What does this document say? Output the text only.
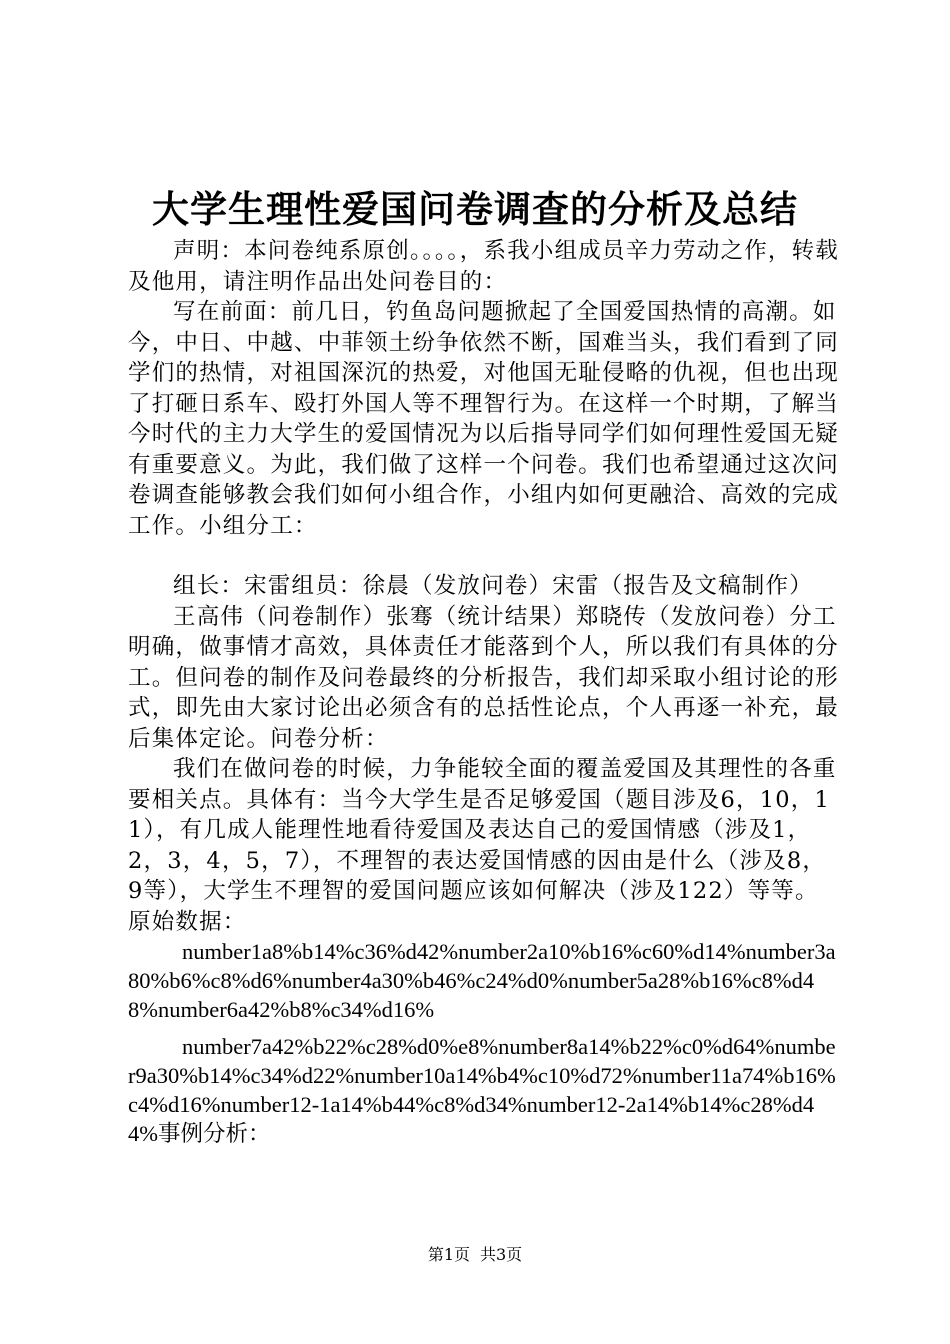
大学生理性爱国问卷调查的分析及总结

声明：本问卷纯系原创。。。。，系我小组成员辛力劳动之作，转载及他用，请注明作品出处问卷目的：

写在前面：前几日，钓鱼岛问题掀起了全国爱国热情的高潮。如今，中日、中越、中菲领土纷争依然不断，国难当头，我们看到了同学们的热情，对祖国深沉的热爱，对他国无耻侵略的仇视，但也出现了打砸日系车、殴打外国人等不理智行为。在这样一个时期，了解当今时代的主力大学生的爱国情况为以后指导同学们如何理性爱国无疑有重要意义。为此，我们做了这样一个问卷。我们也希望通过这次问卷调查能够教会我们如何小组合作，小组内如何更融洽、高效的完成工作。小组分工：

组长：宋雷组员：徐晨（发放问卷）宋雷（报告及文稿制作）

王高伟（问卷制作）张骞（统计结果）郑晓传（发放问卷）分工明确，做事情才高效，具体责任才能落到个人，所以我们有具体的分工。但问卷的制作及问卷最终的分析报告，我们却采取小组讨论的形式，即先由大家讨论出必须含有的总括性论点，个人再逐一补充，最后集体定论。问卷分析：

我们在做问卷的时候，力争能较全面的覆盖爱国及其理性的各重要相关点。具体有：当今大学生是否足够爱国（题目涉及6，10，11），有几成人能理性地看待爱国及表达自己的爱国情感（涉及1，2，3，4，5，7），不理智的表达爱国情感的因由是什么（涉及8，9等），大学生不理智的爱国问题应该如何解决（涉及122）等等。原始数据：

number1a8%b14%c36%d42%number2a10%b16%c60%d14%number3a80%b6%c8%d6%number4a30%b46%c24%d0%number5a28%b16%c8%d48%number6a42%b8%c34%d16%

number7a42%b22%c28%d0%e8%number8a14%b22%c0%d64%number9a30%b14%c34%d22%number10a14%b4%c10%d72%number11a74%b16%c4%d16%number12-1a14%b44%c8%d34%number12-2a14%b14%c28%d44%事例分析：

第1页 共3页
